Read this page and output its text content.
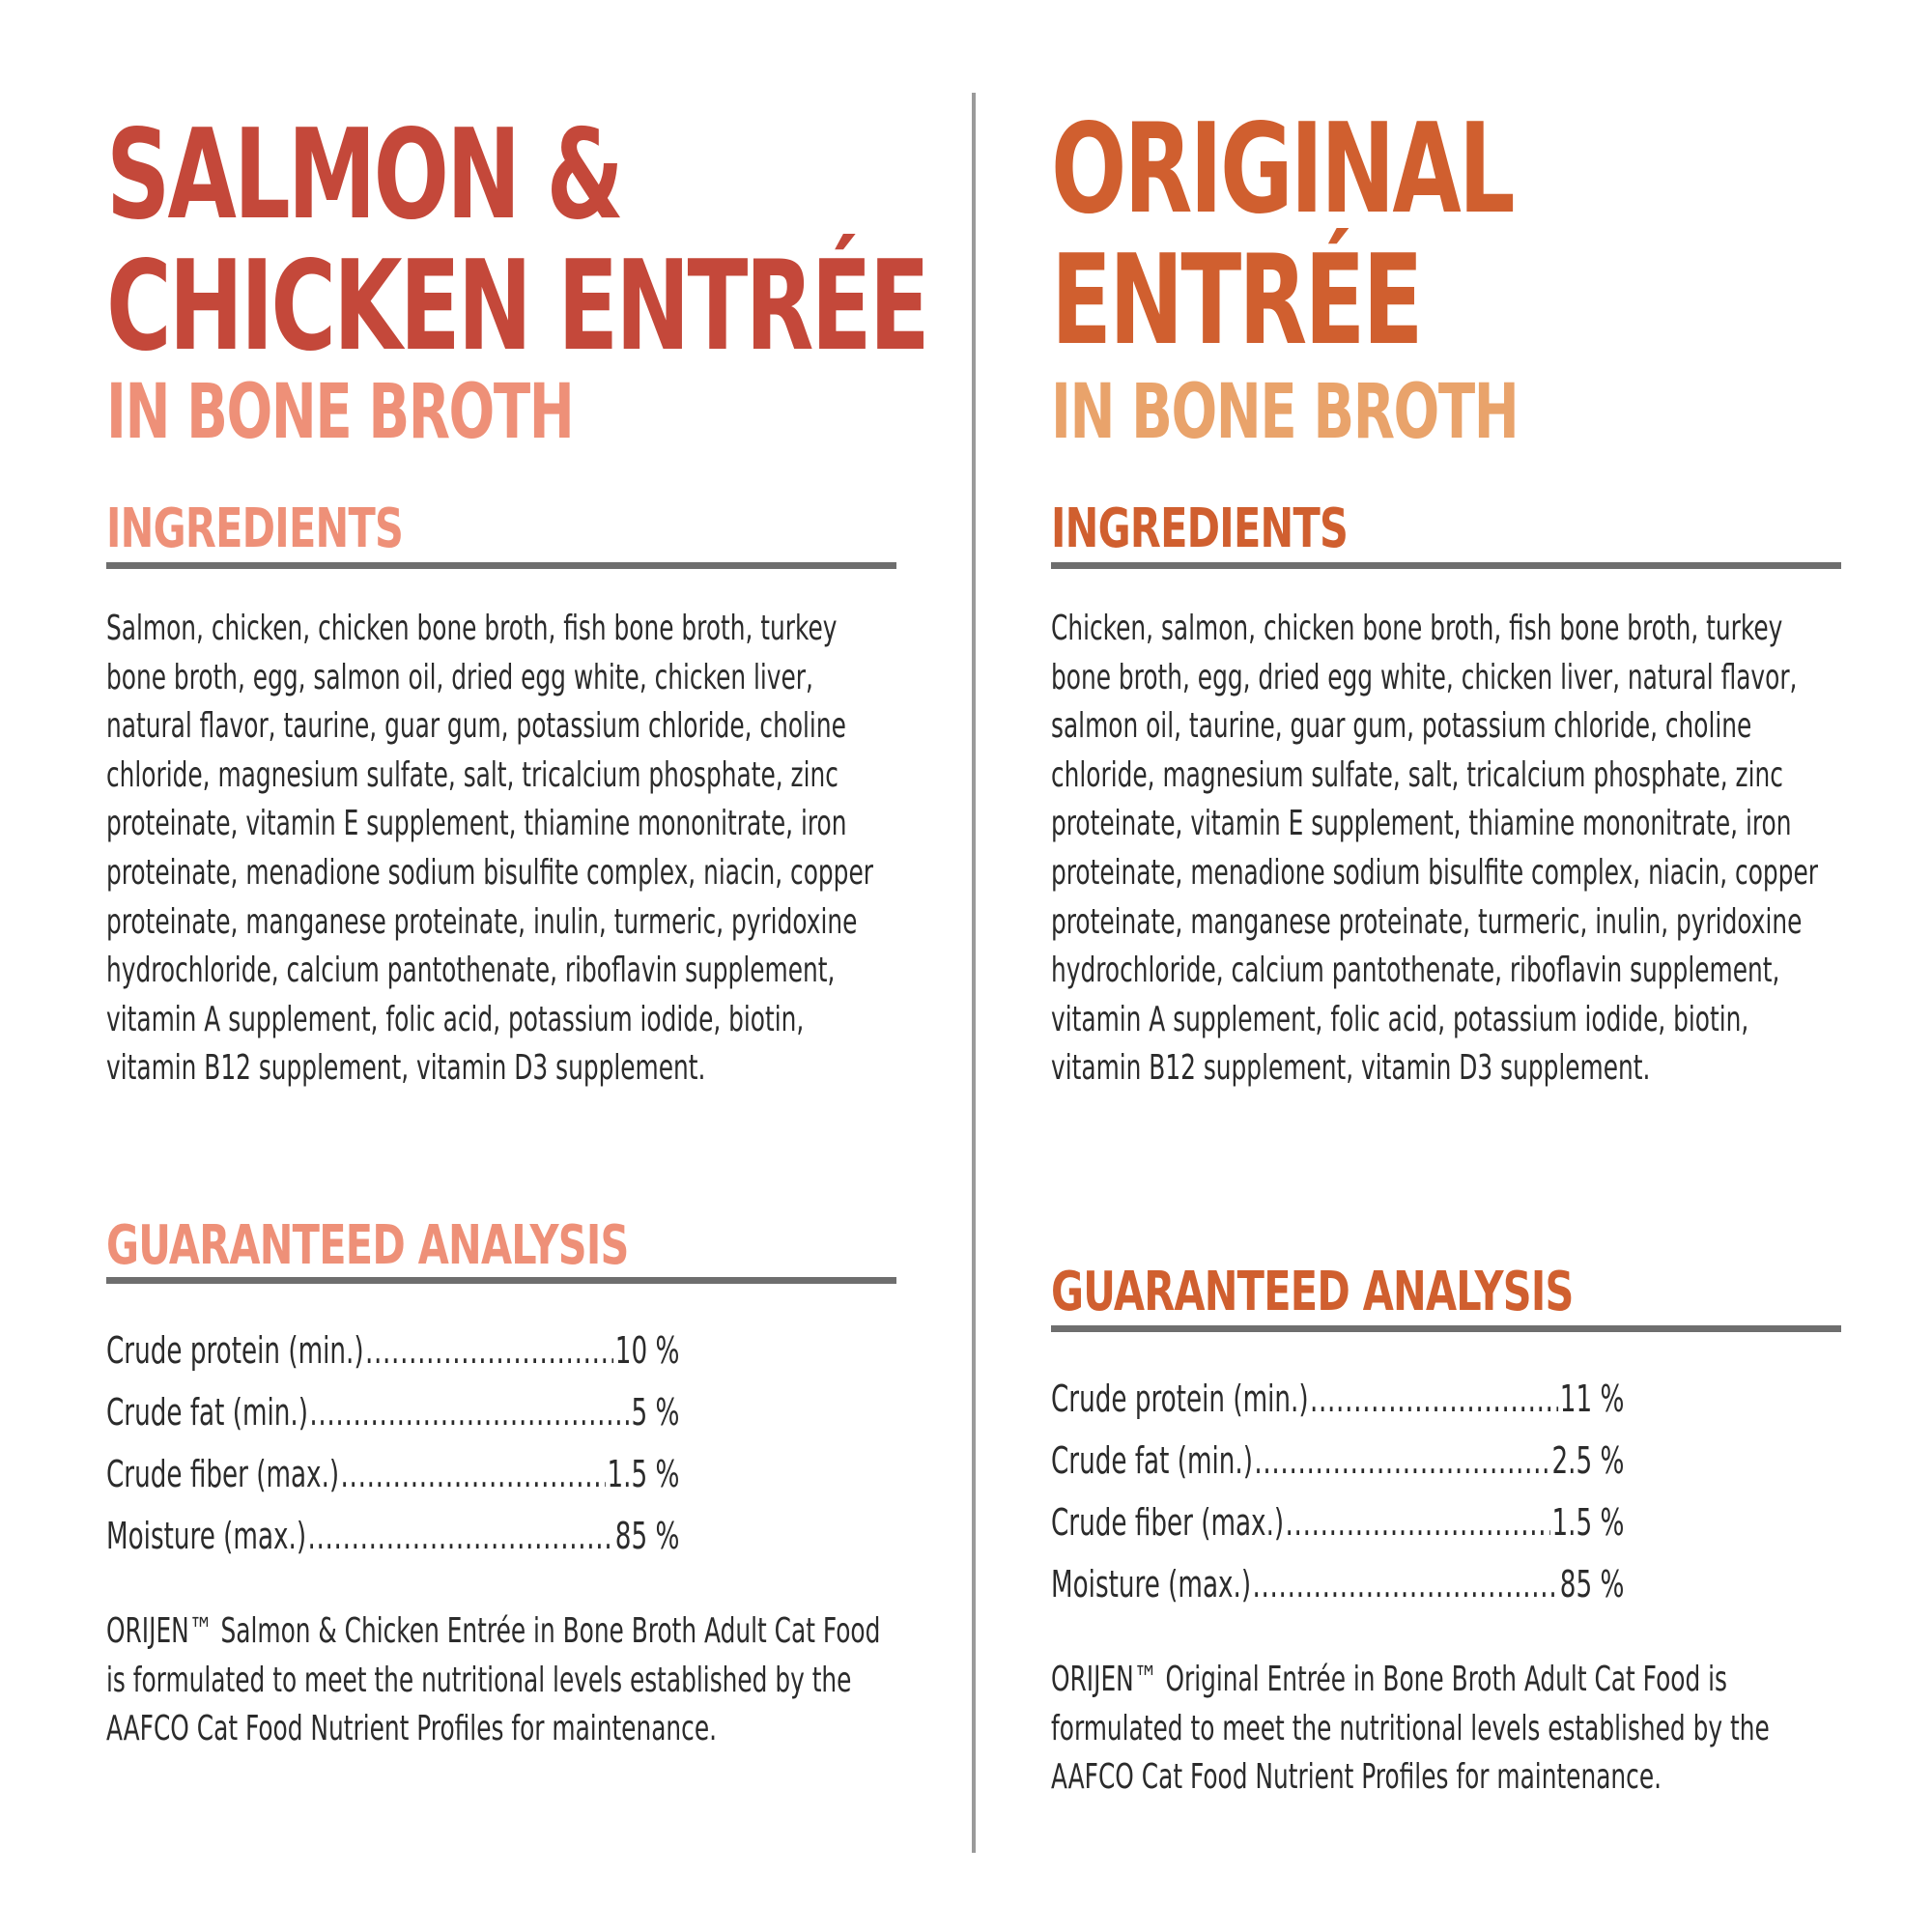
SALMON &
CHICKEN ENTRÉE
IN BONE BROTH
INGREDIENTS

Salmon, chicken, chicken bone broth, fish bone broth, turkey bone broth, egg, salmon oil, dried egg white, chicken liver, natural flavor, taurine, guar gum, potassium chloride, choline chloride, magnesium sulfate, salt, tricalcium phosphate, zinc proteinate, vitamin E supplement, thiamine mononitrate, iron proteinate, menadione sodium bisulfite complex, niacin, copper proteinate, manganese proteinate, inulin, turmeric, pyridoxine hydrochloride, calcium pantothenate, riboflavin supplement, vitamin A supplement, folic acid, potassium iodide, biotin, vitamin B12 supplement, vitamin D3 supplement.

GUARANTEED ANALYSIS
Crude protein (min.) .....	10 %
Crude fat (min.) .....	5 %
Crude fiber (max.) .....	1.5 %
Moisture (max.) .....	85 %

ORIJEN™ Salmon & Chicken Entrée in Bone Broth Adult Cat Food is formulated to meet the nutritional levels established by the AAFCO Cat Food Nutrient Profiles for maintenance.

ORIGINAL
ENTRÉE
IN BONE BROTH
INGREDIENTS

Chicken, salmon, chicken bone broth, fish bone broth, turkey bone broth, egg, dried egg white, chicken liver, natural flavor, salmon oil, taurine, guar gum, potassium chloride, choline chloride, magnesium sulfate, salt, tricalcium phosphate, zinc proteinate, vitamin E supplement, thiamine mononitrate, iron proteinate, menadione sodium bisulfite complex, niacin, copper proteinate, manganese proteinate, turmeric, inulin, pyridoxine hydrochloride, calcium pantothenate, riboflavin supplement, vitamin A supplement, folic acid, potassium iodide, biotin, vitamin B12 supplement, vitamin D3 supplement.

GUARANTEED ANALYSIS
Crude protein (min.) .....	11 %
Crude fat (min.) .....	2.5 %
Crude fiber (max.) .....	1.5 %
Moisture (max.) .....	85 %

ORIJEN™ Original Entrée in Bone Broth Adult Cat Food is formulated to meet the nutritional levels established by the AAFCO Cat Food Nutrient Profiles for maintenance.
